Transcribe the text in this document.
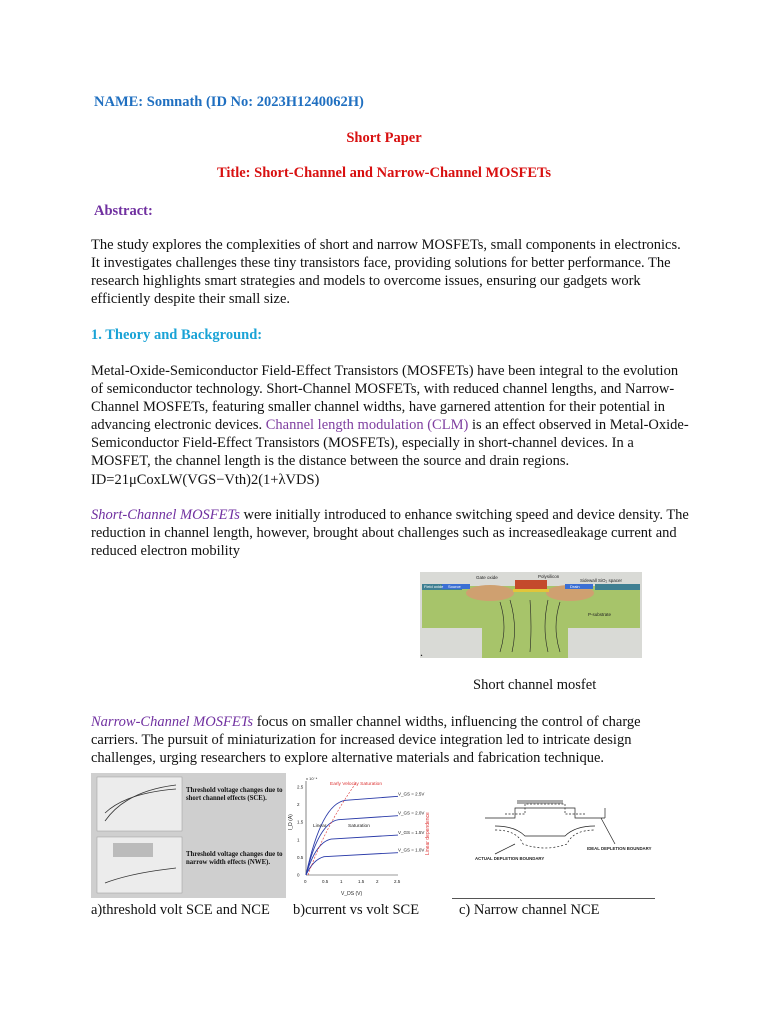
NAME: Somnath (ID No: 2023H1240062H)
Short Paper
Title: Short-Channel and Narrow-Channel MOSFETs
Abstract:
The study explores the complexities of short and narrow MOSFETs, small components in electronics. It investigates challenges these tiny transistors face, providing solutions for better performance. The research highlights smart strategies and models to overcome issues, ensuring our gadgets work efficiently despite their small size.
1. Theory and Background:
Metal-Oxide-Semiconductor Field-Effect Transistors (MOSFETs) have been integral to the evolution of semiconductor technology. Short-Channel MOSFETs, with reduced channel lengths, and Narrow-Channel MOSFETs, featuring smaller channel widths, have garnered attention for their potential in advancing electronic devices. Channel length modulation (CLM) is an effect observed in Metal-Oxide-Semiconductor Field-Effect Transistors (MOSFETs), especially in short-channel devices. In a MOSFET, the channel length is the distance between the source and drain regions. ID=21μCoxLW(VGS−Vth)2(1+λVDS)
Short-Channel MOSFETs were initially introduced to enhance switching speed and device density. The reduction in channel length, however, brought about challenges such as increasedleakage current and reduced electron mobility
Gate oxide	Polysilicon
Sidewall SiO₂ spacer
Field oxide Source	Drain
P-substrate
.
Short channel mosfet
Narrow-Channel MOSFETs focus on smaller channel widths, influencing the control of charge carriers. The pursuit of miniaturization for increased device integration led to intricate design challenges, urging researchers to explore alternative materials and fabrication technique.
Threshold voltage changes due to short channel effects (SCE).
Threshold voltage changes due to narrow width effects (NWE).
I_D (A)
V_DS (V)
x 10⁻⁴
2.5
2
1.5
1
0.5
0
0	0.5	1	1.5	2	2.5
V_GS = 2.5V
V_GS = 2.0V
V_GS = 1.5V
V_GS = 1.0V
Early Velocity Saturation
Linear	Saturation	Linear dependence
ACTUAL DEPLETION BOUNDARY
IDEAL DEPLETION BOUNDARY
a)threshold volt SCE and NCE b)current vs volt SCE	c) Narrow channel NCE
